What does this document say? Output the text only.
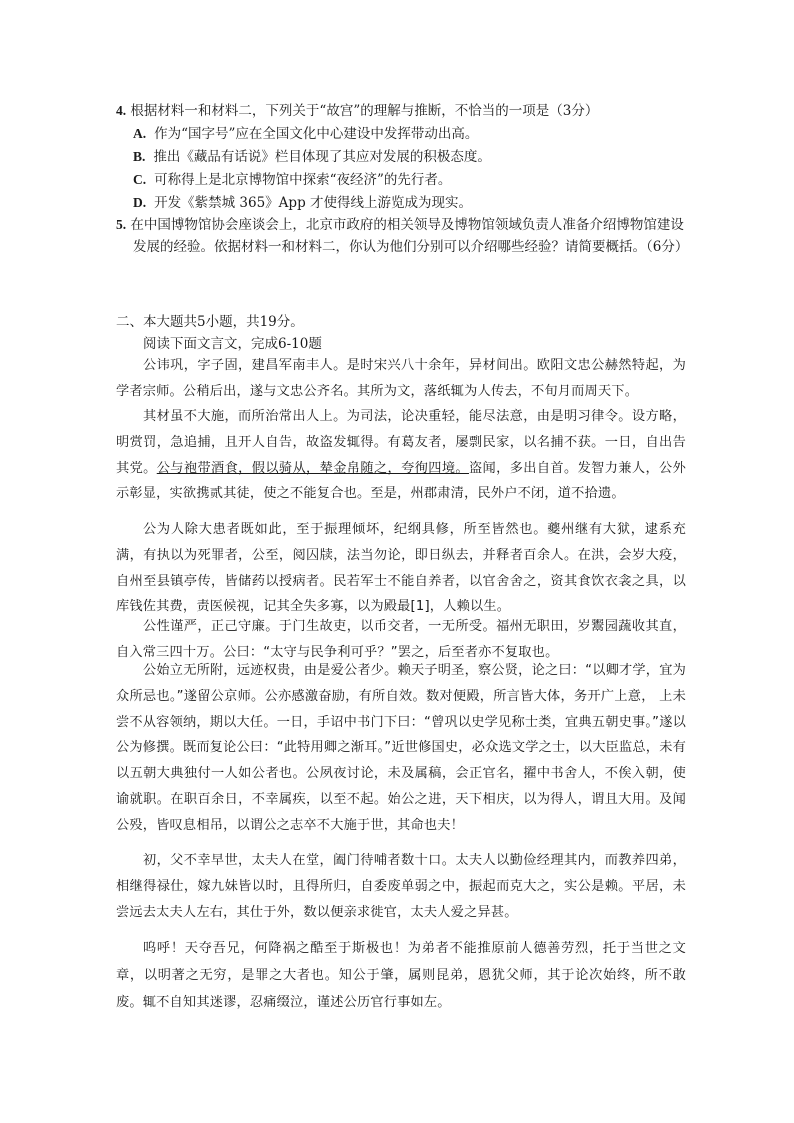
4. 根据材料一和材料二，下列关于“故宫”的理解与推断，不恰当的一项是（3分）
A. 作为“国字号”应在全国文化中心建设中发挥带动出高。
B. 推出《藏品有话说》栏目体现了其应对发展的积极态度。
C. 可称得上是北京博物馆中探索“夜经济”的先行者。
D. 开发《紫禁城 365》App 才使得线上游览成为现实。
5. 在中国博物馆协会座谈会上，北京市政府的相关领导及博物馆领域负责人准备介绍博物馆建设发展的经验。依据材料一和材料二，你认为他们分别可以介绍哪些经验？请简要概括。（6分）
二、本大题共5小题，共19分。
阅读下面文言文，完成6-10题
公讳巩，字子固，建昌军南丰人。是时宋兴八十余年，异材间出。欧阳文忠公赫然特起，为学者宗师。公稍后出，遂与文忠公齐名。其所为文，落纸辄为人传去，不旬月而周天下。
其材虽不大施，而所治常出人上。为司法，论决重轻，能尽法意，由是明习律令。设方略，明赏罚，急追捕，且开人自告，故盗发辄得。有葛友者，屡剽民家，以名捕不获。一日，自出告其党。公与袍带酒食，假以骑从，辇金帛随之，夸徇四境。盗闻，多出自首。发智力兼人，公外示彰显，实欲携贰其徒，使之不能复合也。至是，州郡肃清，民外户不闭，道不拾遗。
公为人除大患者既如此，至于振理倾坏，纪纲具修，所至皆然也。夔州继有大狱，逮系充满，有执以为死罪者，公至，阅囚牍，法当勿论，即日纵去，并释者百余人。在洪，会岁大疫，自州至县镇亭传，皆储药以授病者。民若军士不能自养者，以官舍舍之，资其食饮衣衾之具，以库钱佐其费，责医候视，记其全失多寡，以为殿最[1]，人赖以生。
公性谨严，正己守廉。于门生故吏，以币交者，一无所受。福州无职田，岁鬻园蔬收其直，自入常三四十万。公曰：“太守与民争利可乎？”罢之，后至者亦不复取也。
公始立无所附，远迹权贵，由是爱公者少。赖天子明圣，察公贤，论之曰：“以卿才学，宜为众所忌也。”遂留公京师。公亦感激奋励，有所自效。数对便殿，所言皆大体，务开广上意， 上未尝不从容领纳，期以大任。一日，手诏中书门下曰：“曾巩以史学见称士类，宜典五朝史事。”遂以公为修撰。既而复论公曰：“此特用卿之渐耳。”近世修国史，必众选文学之士，以大臣监总，未有以五朝大典独付一人如公者也。公夙夜讨论，未及属稿，会正官名，擢中书舍人，不俟入朝，使谕就职。在职百余日，不幸属疾，以至不起。始公之进，天下相庆，以为得人，谓且大用。及闻公殁，皆叹息相吊，以谓公之志卒不大施于世，其命也夫！
初，父不幸早世，太夫人在堂，阖门待哺者数十口。太夫人以勤俭经理其内，而教养四弟，相继得禄仕，嫁九妹皆以时，且得所归，自委废单弱之中，振起而克大之，实公是赖。平居，未尝远去太夫人左右，其仕于外，数以便亲求徙官，太夫人爱之异甚。
呜呼！天夺吾兄，何降祸之酷至于斯极也！为弟者不能推原前人德善劳烈，托于当世之文章，以明著之无穷，是罪之大者也。知公于肇，属则昆弟，恩犹父师，其于论次始终，所不敢废。辄不自知其迷谬，忍痛缀泣，谨述公历官行事如左。
